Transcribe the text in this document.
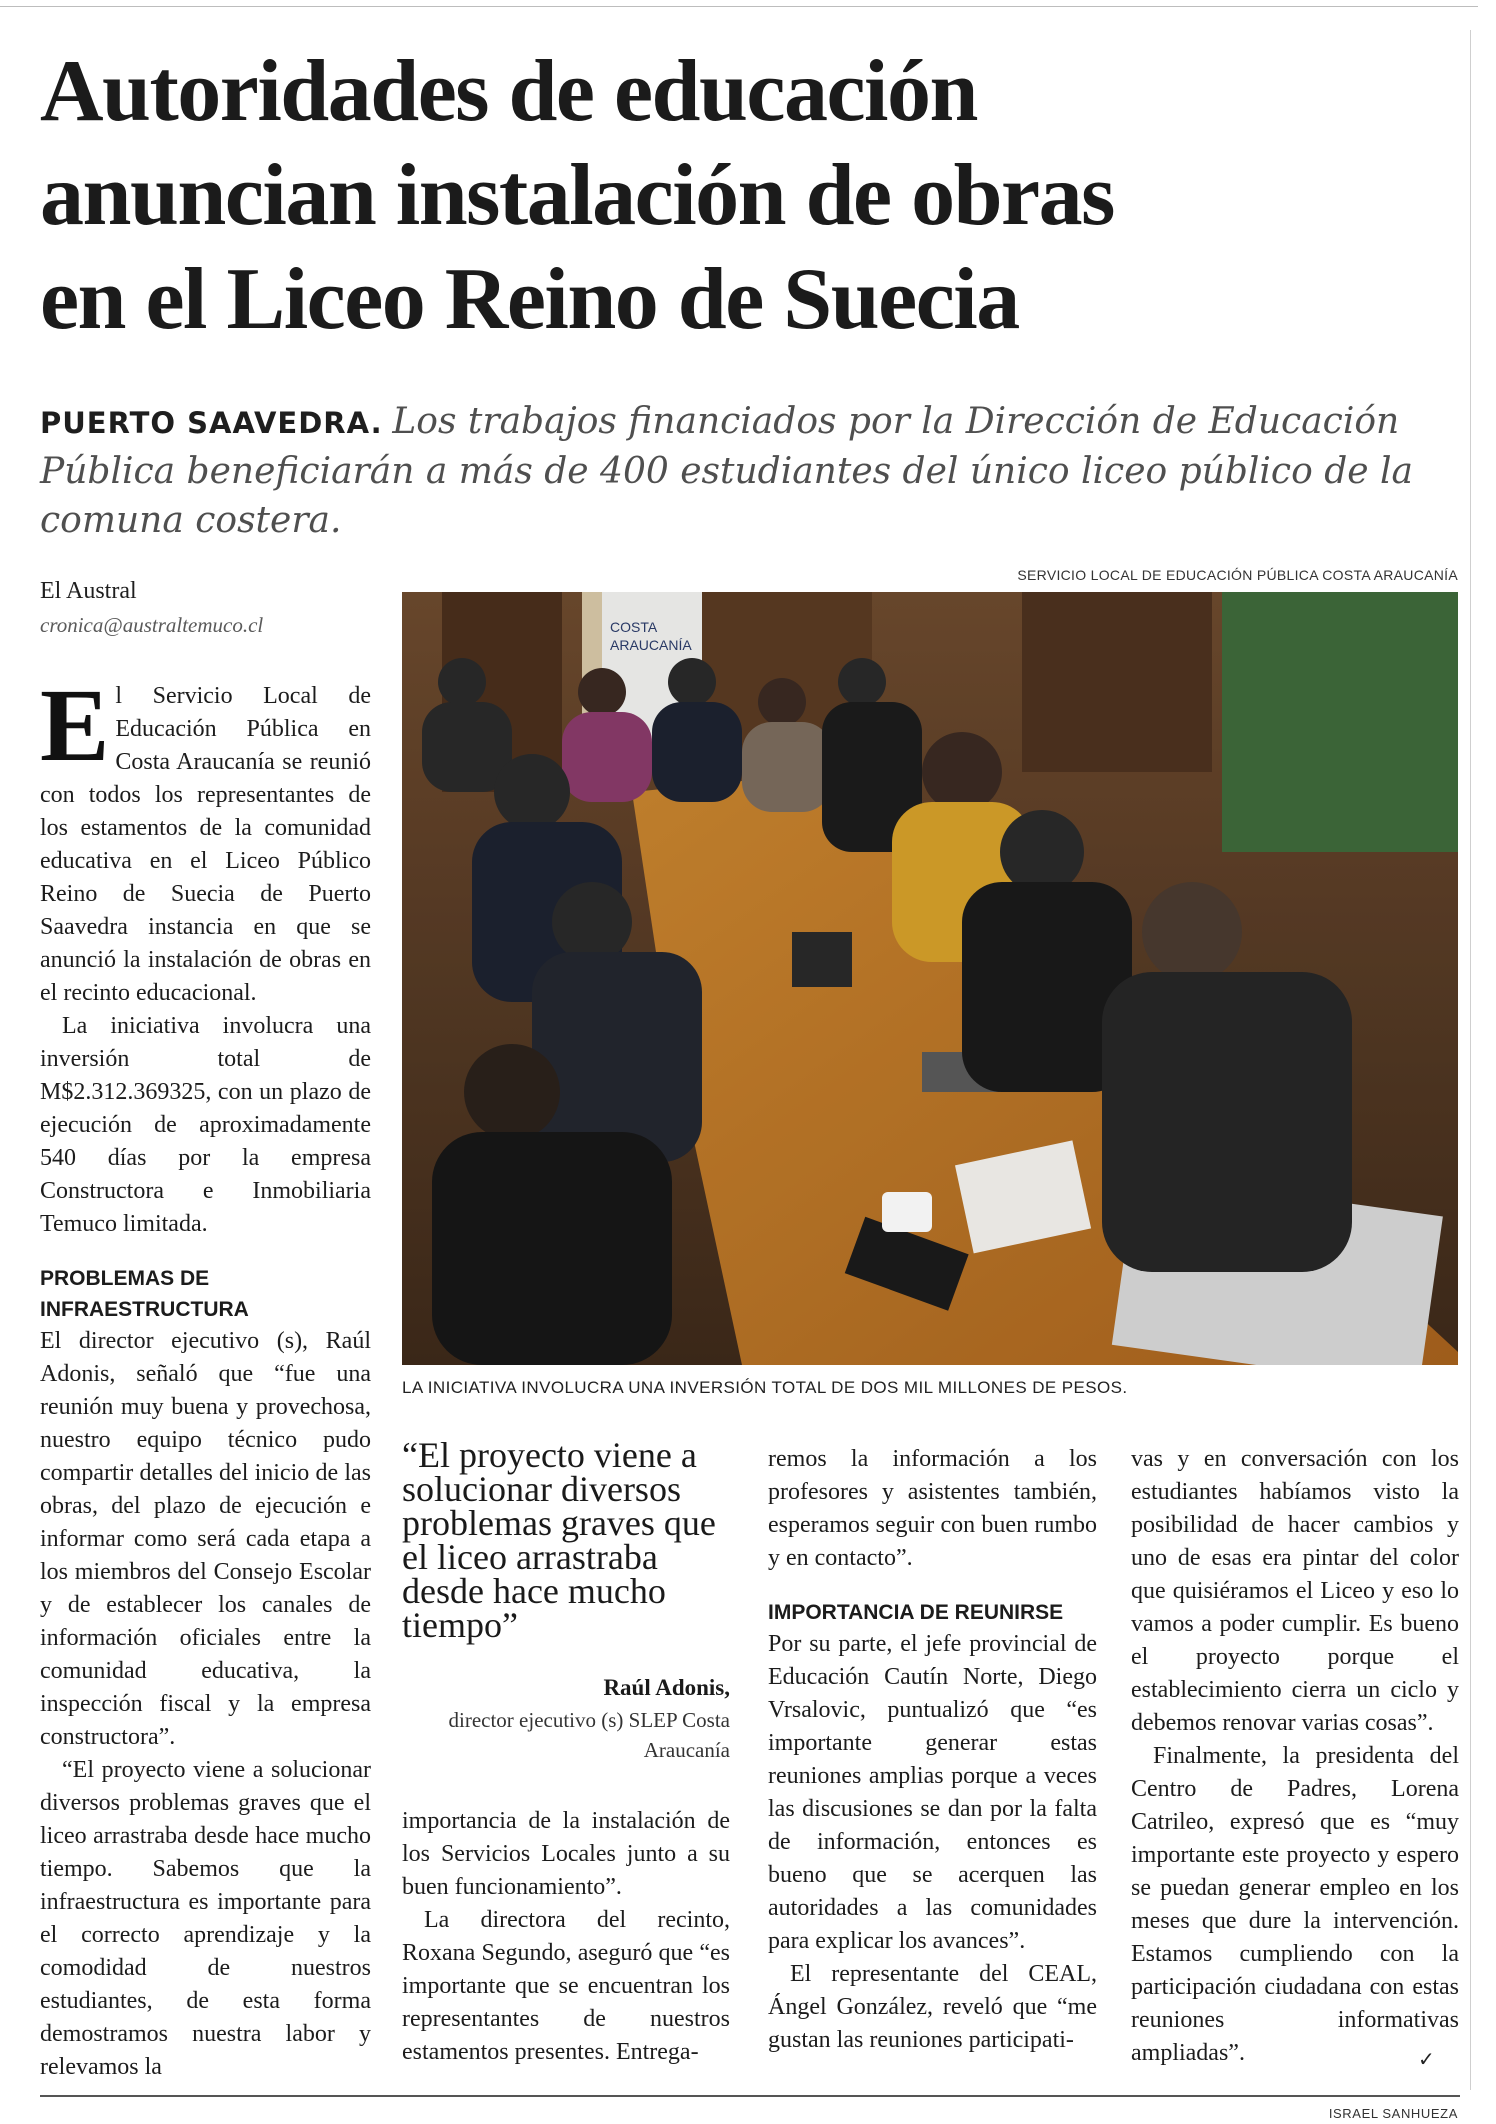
Autoridades de educación
anuncian instalación de obras
en el Liceo Reino de Suecia
PUERTO SAAVEDRA. Los trabajos financiados por la Dirección de Educación Pública beneficiarán a más de 400 estudiantes del único liceo público de la comuna costera.
El Austral
cronica@australtemuco.cl

El Servicio Local de Educación Pública en Costa Araucanía se reunió con todos los representantes de los estamentos de la comunidad educativa en el Liceo Público Reino de Suecia de Puerto Saavedra instancia en que se anunció la instalación de obras en el recinto educacional.

La iniciativa involucra una inversión total de M$2.312.369325, con un plazo de ejecución de aproximadamente 540 días por la empresa Constructora e Inmobiliaria Temuco limitada.

PROBLEMAS DE INFRAESTRUCTURA

El director ejecutivo (s), Raúl Adonis, señaló que “fue una reunión muy buena y provechosa, nuestro equipo técnico pudo compartir detalles del inicio de las obras, del plazo de ejecución e informar como será cada etapa a los miembros del Consejo Escolar y de establecer los canales de información oficiales entre la comunidad educativa, la inspección fiscal y la empresa constructora”.

“El proyecto viene a solucionar diversos problemas graves que el liceo arrastraba desde hace mucho tiempo. Sabemos que la infraestructura es importante para el correcto aprendizaje y la comodidad de nuestros estudiantes, de esta forma demostramos nuestra labor y relevamos la

SERVICIO LOCAL DE EDUCACIÓN PÚBLICA COSTA ARAUCANÍA
COSTA
ARAUCANÍA
LA INICIATIVA INVOLUCRA UNA INVERSIÓN TOTAL DE DOS MIL MILLONES DE PESOS.
“El proyecto viene a solucionar diversos problemas graves que el liceo arrastraba desde hace mucho tiempo”
Raúl Adonis,
director ejecutivo (s) SLEP Costa Araucanía

importancia de la instalación de los Servicios Locales junto a su buen funcionamiento”.

La directora del recinto, Roxana Segundo, aseguró que “es importante que se encuentran los representantes de nuestros estamentos presentes. Entrega-

remos la información a los profesores y asistentes también, esperamos seguir con buen rumbo y en contacto”.

IMPORTANCIA DE REUNIRSE

Por su parte, el jefe provincial de Educación Cautín Norte, Diego Vrsalovic, puntualizó que “es importante generar estas reuniones amplias porque a veces las discusiones se dan por la falta de información, entonces es bueno que se acerquen las autoridades a las comunidades para explicar los avances”.

El representante del CEAL, Ángel González, reveló que “me gustan las reuniones participati-

vas y en conversación con los estudiantes habíamos visto la posibilidad de hacer cambios y uno de esas era pintar del color que quisiéramos el Liceo y eso lo vamos a poder cumplir. Es bueno el proyecto porque el establecimiento cierra un ciclo y debemos renovar varias cosas”.

Finalmente, la presidenta del Centro de Padres, Lorena Catrileo, expresó que es “muy importante este proyecto y espero se puedan generar empleo en los meses que dure la intervención. Estamos cumpliendo con la participación ciudadana con estas reuniones informativas ampliadas”.	✓
ISRAEL SANHUEZA
